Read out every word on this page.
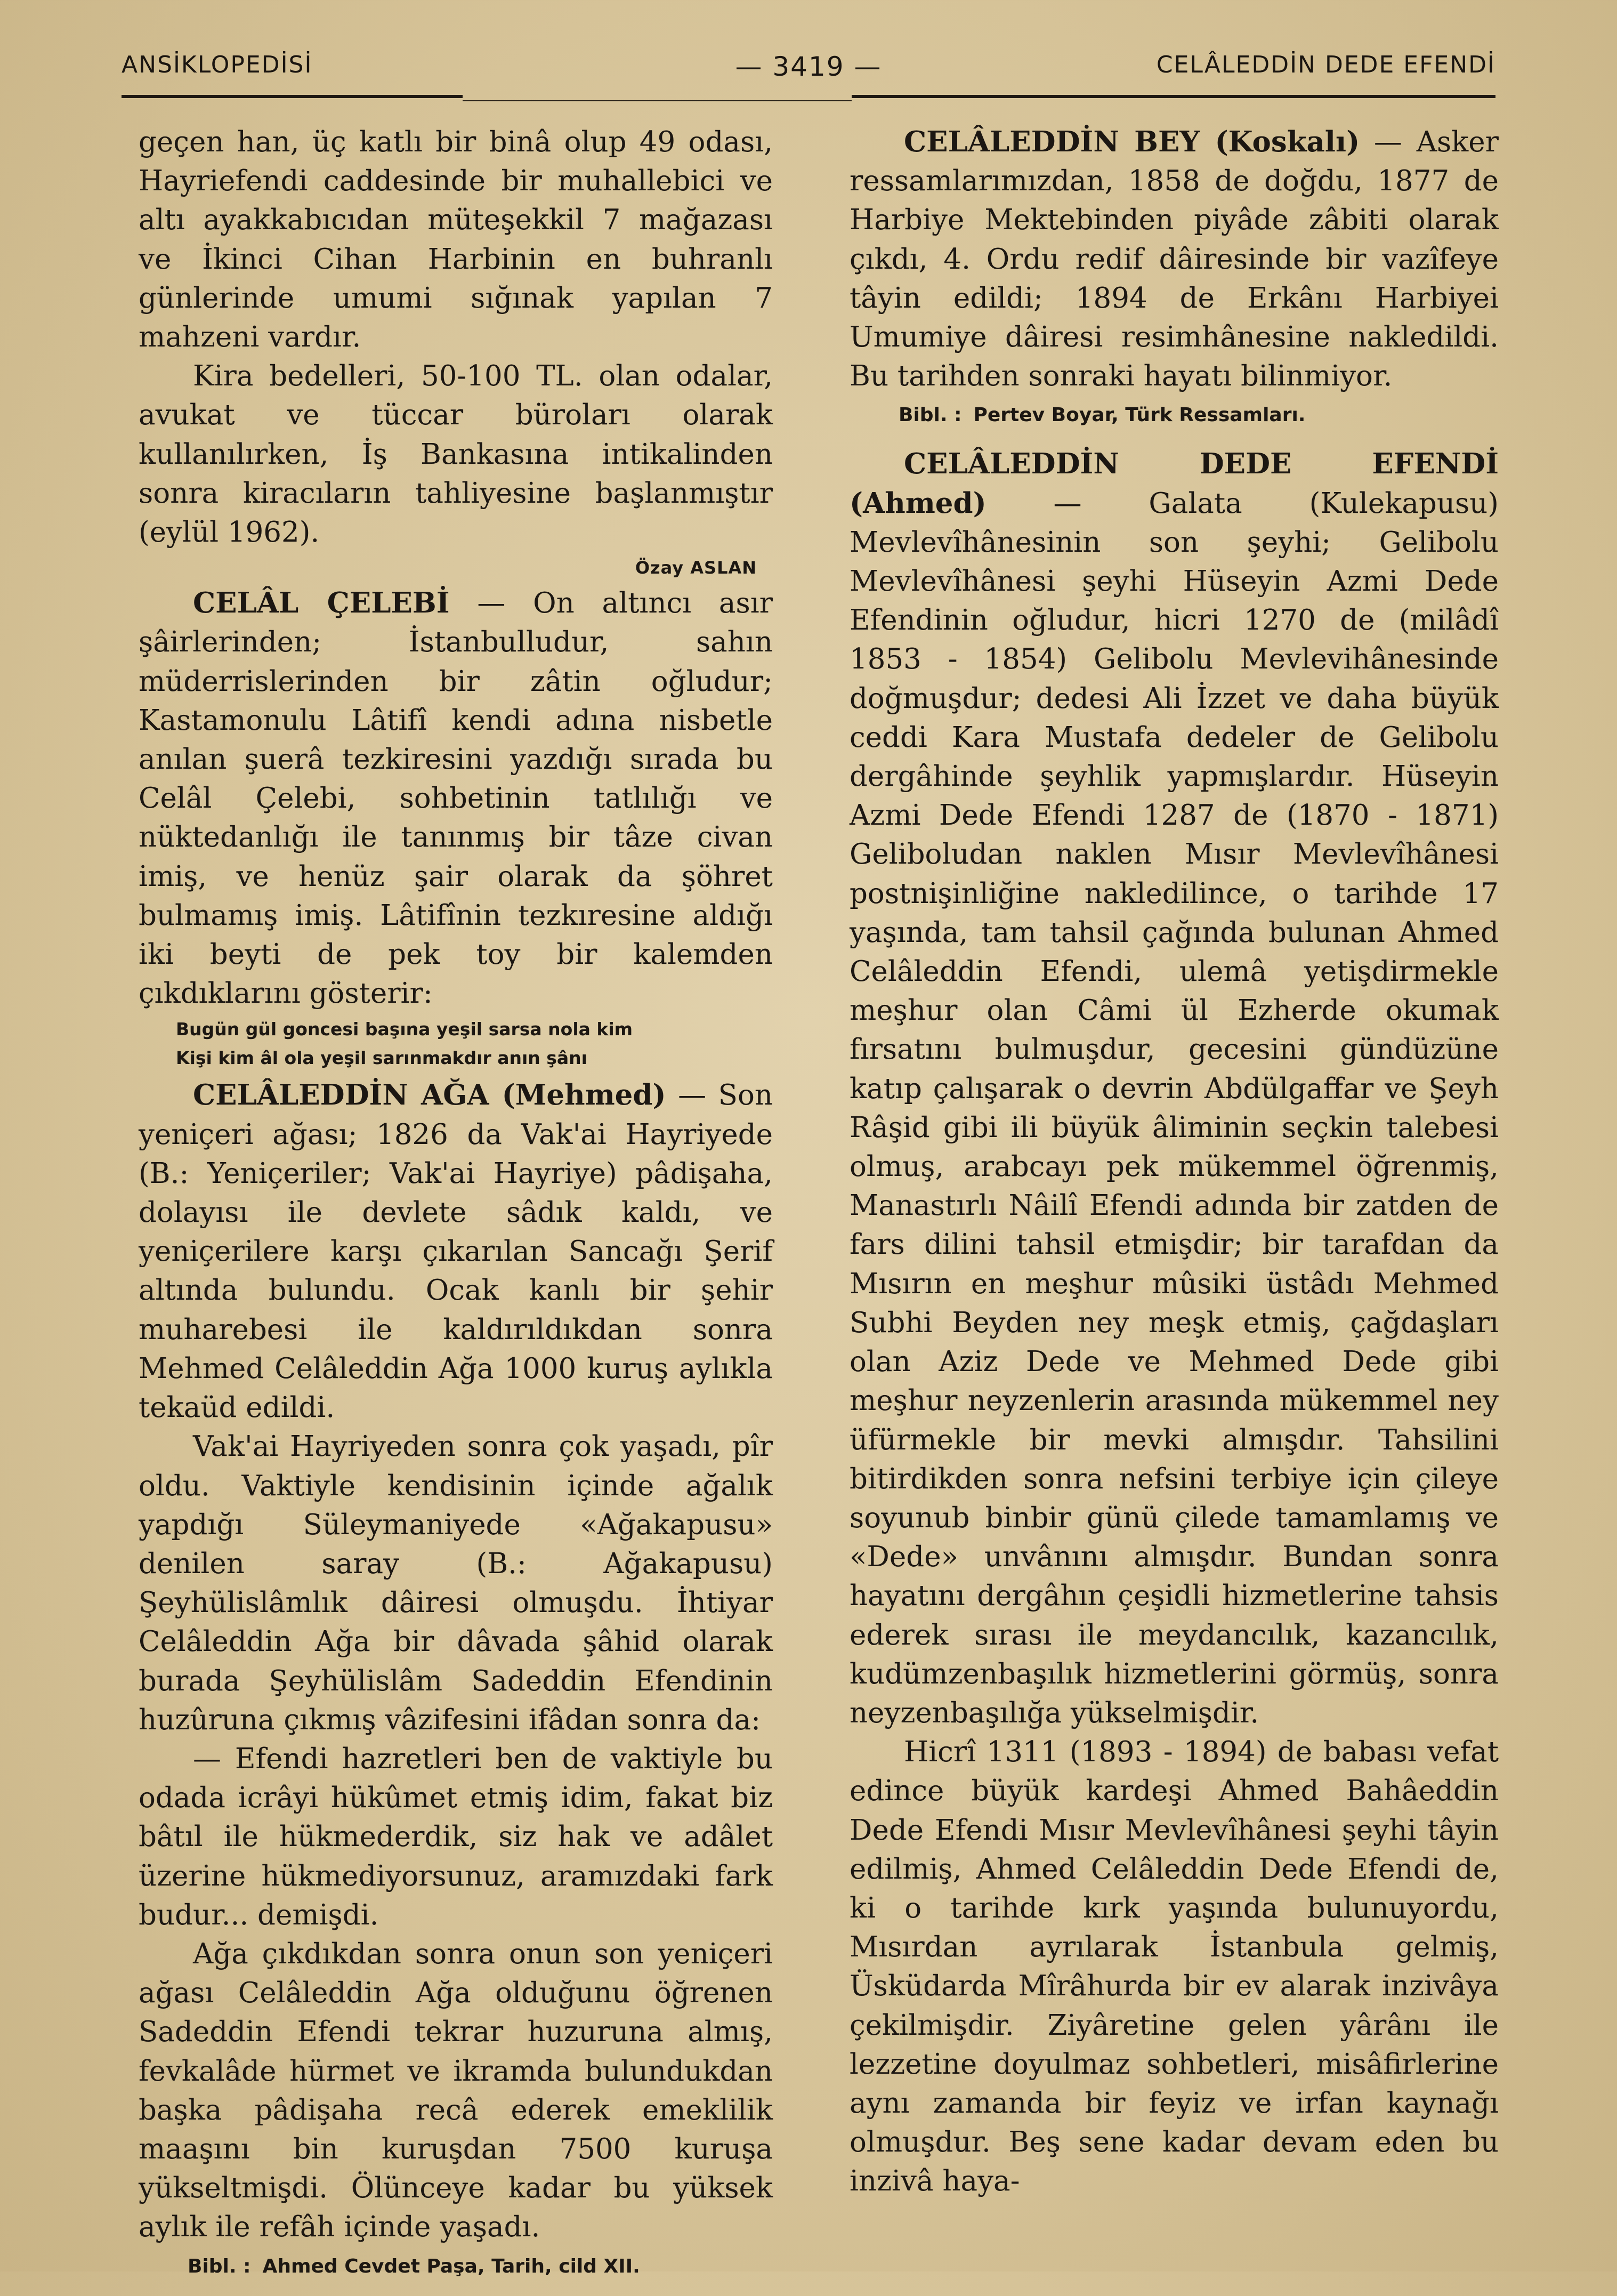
ANSİKLOPEDİSİ	— 3419 —	CELÂLEDDİN DEDE EFENDİ

geçen han, üç katlı bir binâ olup 49 odası, Hayriefendi caddesinde bir muhallebici ve altı ayakkabıcıdan müteşekkil 7 mağazası ve İkinci Cihan Harbinin en buhranlı günlerinde umumi sığınak yapılan 7 mahzeni vardır.

Kira bedelleri, 50-100 TL. olan odalar, avukat ve tüccar büroları olarak kullanılırken, İş Bankasına intikalinden sonra kiracıların tahliyesine başlanmıştır (eylül 1962).

Özay ASLAN

CELÂL ÇELEBİ — On altıncı asır şâirlerinden; İstanbulludur, sahın müderrislerinden bir zâtin oğludur; Kastamonulu Lâtifî kendi adına nisbetle anılan şuerâ tezkiresini yazdığı sırada bu Celâl Çelebi, sohbetinin tatlılığı ve nüktedanlığı ile tanınmış bir tâze civan imiş, ve henüz şair olarak da şöhret bulmamış imiş. Lâtifînin tezkıresine aldığı iki beyti de pek toy bir kalemden çıkdıklarını gösterir:

Bugün gül goncesi başına yeşil sarsa nola kim
Kişi kim âl ola yeşil sarınmakdır anın şânı

CELÂLEDDİN AĞA (Mehmed) — Son yeniçeri ağası; 1826 da Vak'ai Hayriyede (B.: Yeniçeriler; Vak'ai Hayriye) pâdişaha, dolayısı ile devlete sâdık kaldı, ve yeniçerilere karşı çıkarılan Sancağı Şerif altında bulundu. Ocak kanlı bir şehir muharebesi ile kaldırıldıkdan sonra Mehmed Celâleddin Ağa 1000 kuruş aylıkla tekaüd edildi.

Vak'ai Hayriyeden sonra çok yaşadı, pîr oldu. Vaktiyle kendisinin içinde ağalık yapdığı Süleymaniyede «Ağakapusu» denilen saray (B.: Ağakapusu) Şeyhülislâmlık dâiresi olmuşdu. İhtiyar Celâleddin Ağa bir dâvada şâhid olarak burada Şeyhülislâm Sadeddin Efendinin huzûruna çıkmış vâzifesini ifâdan sonra da:

— Efendi hazretleri ben de vaktiyle bu odada icrâyi hükûmet etmiş idim, fakat biz bâtıl ile hükmederdik, siz hak ve adâlet üzerine hükmediyorsunuz, aramızdaki fark budur... demişdi.

Ağa çıkdıkdan sonra onun son yeniçeri ağası Celâleddin Ağa olduğunu öğrenen Sadeddin Efendi tekrar huzuruna almış, fevkalâde hürmet ve ikramda bulundukdan başka pâdişaha recâ ederek emeklilik maaşını bin kuruşdan 7500 kuruşa yükseltmişdi. Ölünceye kadar bu yüksek aylık ile refâh içinde yaşadı.

Bibl. : Ahmed Cevdet Paşa, Tarih, cild XII.

CELÂLEDDİN BEY (Koskalı) — Asker ressamlarımızdan, 1858 de doğdu, 1877 de Harbiye Mektebinden piyâde zâbiti olarak çıkdı, 4. Ordu redif dâiresinde bir vazîfeye tâyin edildi; 1894 de Erkânı Harbiyei Umumiye dâiresi resimhânesine nakledildi. Bu tarihden sonraki hayatı bilinmiyor.

Bibl. : Pertev Boyar, Türk Ressamları.

CELÂLEDDİN DEDE EFENDİ (Ahmed) — Galata (Kulekapusu) Mevlevîhânesinin son şeyhi; Gelibolu Mevlevîhânesi şeyhi Hüseyin Azmi Dede Efendinin oğludur, hicri 1270 de (milâdî 1853 - 1854) Gelibolu Mevlevihânesinde doğmuşdur; dedesi Ali İzzet ve daha büyük ceddi Kara Mustafa dedeler de Gelibolu dergâhinde şeyhlik yapmışlardır. Hüseyin Azmi Dede Efendi 1287 de (1870 - 1871) Geliboludan naklen Mısır Mevlevîhânesi postnişinliğine nakledilince, o tarihde 17 yaşında, tam tahsil çağında bulunan Ahmed Celâleddin Efendi, ulemâ yetişdirmekle meşhur olan Câmi ül Ezherde okumak fırsatını bulmuşdur, gecesini gündüzüne katıp çalışarak o devrin Abdülgaffar ve Şeyh Râşid gibi ili büyük âliminin seçkin talebesi olmuş, arabcayı pek mükemmel öğrenmiş, Manastırlı Nâilî Efendi adında bir zatden de fars dilini tahsil etmişdir; bir tarafdan da Mısırın en meşhur mûsiki üstâdı Mehmed Subhi Beyden ney meşk etmiş, çağdaşları olan Aziz Dede ve Mehmed Dede gibi meşhur neyzenlerin arasında mükemmel ney üfürmekle bir mevki almışdır. Tahsilini bitirdikden sonra nefsini terbiye için çileye soyunub binbir günü çilede tamamlamış ve «Dede» unvânını almışdır. Bundan sonra hayatını dergâhın çeşidli hizmetlerine tahsis ederek sırası ile meydancılık, kazancılık, kudümzenbaşılık hizmetlerini görmüş, sonra neyzenbaşılığa yükselmişdir.

Hicrî 1311 (1893 - 1894) de babası vefat edince büyük kardeşi Ahmed Bahâeddin Dede Efendi Mısır Mevlevîhânesi şeyhi tâyin edilmiş, Ahmed Celâleddin Dede Efendi de, ki o tarihde kırk yaşında bulunuyordu, Mısırdan ayrılarak İstanbula gelmiş, Üsküdarda Mîrâhurda bir ev alarak inzivâya çekilmişdir. Ziyâretine gelen yârânı ile lezzetine doyulmaz sohbetleri, misâfirlerine aynı zamanda bir feyiz ve irfan kaynağı olmuşdur. Beş sene kadar devam eden bu inzivâ haya-
